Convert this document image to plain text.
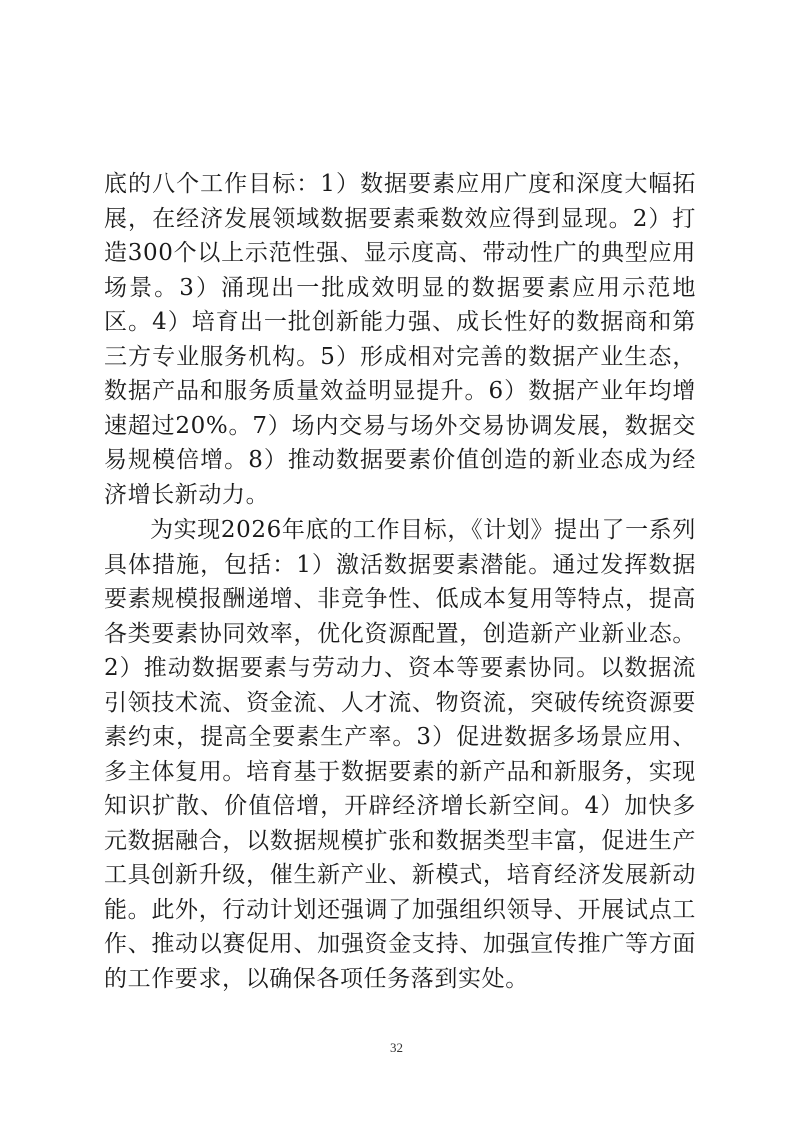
底的八个工作目标：1）数据要素应用广度和深度大幅拓展，在经济发展领域数据要素乘数效应得到显现。2）打造300个以上示范性强、显示度高、带动性广的典型应用场景。3）涌现出一批成效明显的数据要素应用示范地区。4）培育出一批创新能力强、成长性好的数据商和第三方专业服务机构。5）形成相对完善的数据产业生态，数据产品和服务质量效益明显提升。6）数据产业年均增速超过20%。7）场内交易与场外交易协调发展，数据交易规模倍增。8）推动数据要素价值创造的新业态成为经济增长新动力。

为实现2026年底的工作目标，《计划》提出了一系列具体措施，包括：1）激活数据要素潜能。通过发挥数据要素规模报酬递增、非竞争性、低成本复用等特点，提高各类要素协同效率，优化资源配置，创造新产业新业态。2）推动数据要素与劳动力、资本等要素协同。以数据流引领技术流、资金流、人才流、物资流，突破传统资源要素约束，提高全要素生产率。3）促进数据多场景应用、多主体复用。培育基于数据要素的新产品和新服务，实现知识扩散、价值倍增，开辟经济增长新空间。4）加快多元数据融合，以数据规模扩张和数据类型丰富，促进生产工具创新升级，催生新产业、新模式，培育经济发展新动能。此外，行动计划还强调了加强组织领导、开展试点工作、推动以赛促用、加强资金支持、加强宣传推广等方面的工作要求，以确保各项任务落到实处。

32
